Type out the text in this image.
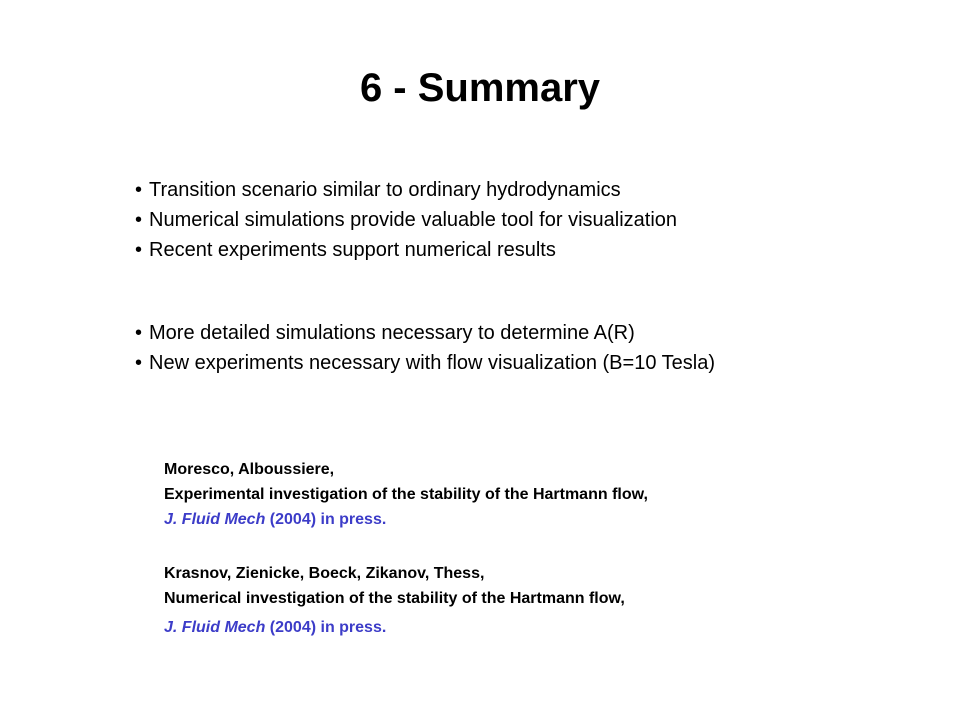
6 - Summary
• Transition scenario similar to ordinary hydrodynamics
• Numerical simulations provide valuable tool for visualization
• Recent experiments support numerical results
• More detailed simulations necessary to determine A(R)
• New experiments necessary with flow visualization (B=10 Tesla)
Moresco, Alboussiere,
Experimental investigation of the stability of the Hartmann flow,
J. Fluid Mech (2004) in press.
Krasnov, Zienicke, Boeck, Zikanov, Thess,
Numerical investigation of the stability of the Hartmann flow,
J. Fluid Mech (2004) in press.
